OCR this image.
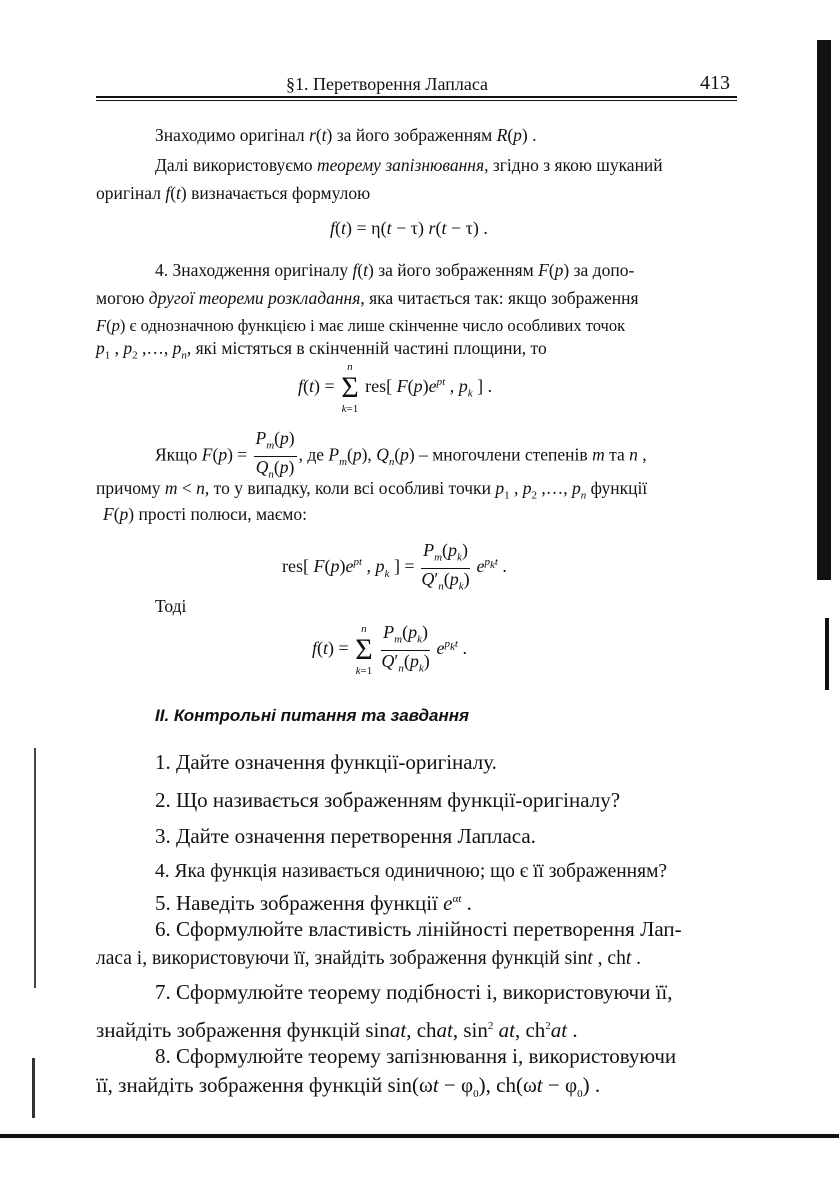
§1. Перетворення Лапласа	413
Знаходимо оригінал r(t) за його зображенням R(p) .
Далі використовуємо теорему запізнювання, згідно з якою шуканий
оригінал f(t) визначається формулою
f(t) = η(t − τ) r(t − τ) .
4. Знаходження оригіналу f(t) за його зображенням F(p) за допо-
могою другої теореми розкладання, яка читається так: якщо зображення
F(p) є однозначною функцією і має лише скінченне число особливих точок
$p_1$ , $p_2$ ,…, $p_n$, які містяться в скінченній частині площини, то
f(t) =
n
Σ
k=1
res[ $F(p)e^{pt}$ , $p_k$ ] .
Якщо $F(p) = \frac{P_m(p)}{Q_n(p)}$ , де $P_m(p)$, $Q_n(p)$ – многочлени степенів m та n ,
причому m < n, то у випадку, коли всі особливі точки $p_1$ , $p_2$ ,…, $p_n$ функції
F(p) прості полюси, маємо:
res[ $F(p)e^{pt}$ , $p_k$ ] = $\frac{P_m(p_k)}{Q'_n(p_k)} e^{p_kt}$ .
Тоді
f(t) =
n
Σ
k=1
$\frac{P_m(p_k)}{Q'_n(p_k)} e^{p_kt}$ .
II. Контрольні питання та завдання
1. Дайте означення функції-оригіналу.
2. Що називається зображенням функції-оригіналу?
3. Дайте означення перетворення Лапласа.
4. Яка функція називається одиничною; що є її зображенням?
5. Наведіть зображення функції $e^{\alpha t}$ .
6. Сформулюйте властивість лінійності перетворення Лап-
ласа і, використовуючи її, знайдіть зображення функцій sint , cht .
7. Сформулюйте теорему подібності і, використовуючи її,
знайдіть зображення функцій sinat, chat, $\sin^2$ at, $ch^2at$ .
8. Сформулюйте теорему запізнювання і, використовуючи
її, знайдіть зображення функцій $\sin(\omega t - \varphi_0)$, $ch(\omega t - \varphi_0)$ .
